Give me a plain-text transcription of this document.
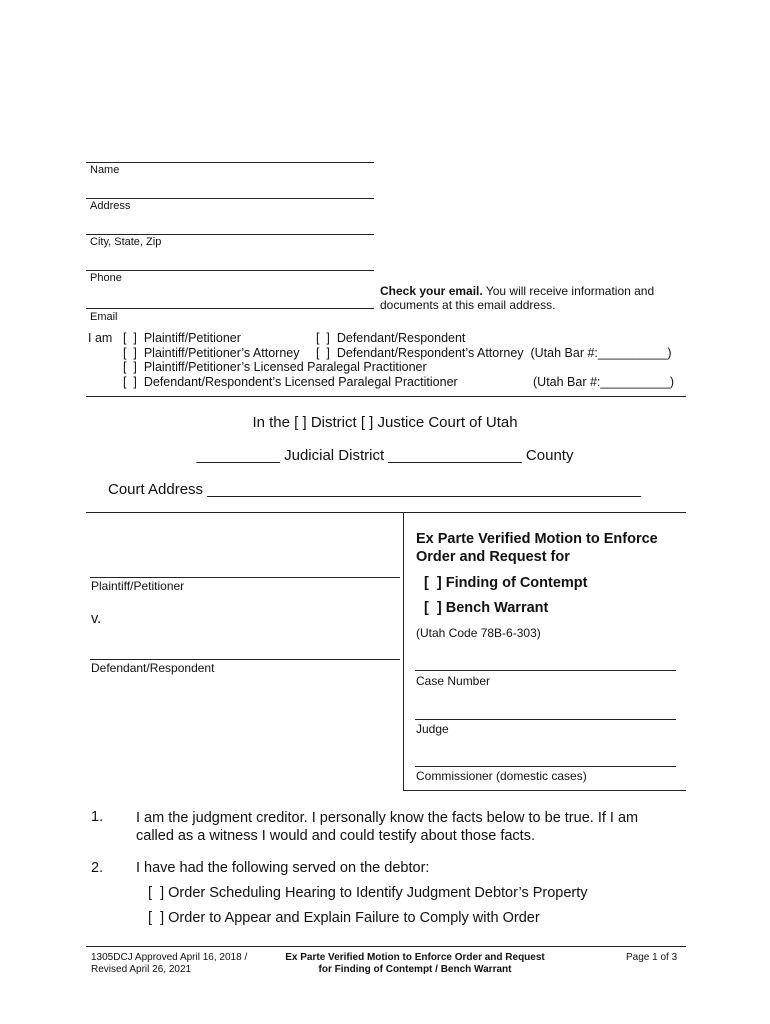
Name
Address
City, State, Zip
Phone
Check your email. You will receive information and
documents at this email address.
Email
I am [  ]  Plaintiff/Petitioner	[  ]  Defendant/Respondent
[  ]  Plaintiff/Petitioner’s Attorney [  ]  Defendant/Respondent’s Attorney  (Utah Bar #:__________)
[  ]  Plaintiff/Petitioner’s Licensed Paralegal Practitioner
[  ]  Defendant/Respondent’s Licensed Paralegal Practitioner	(Utah Bar #:__________)
In the [ ] District [ ] Justice Court of Utah
__________ Judicial District ________________ County
Court Address ____________________________________________________
Plaintiff/Petitioner
v.
Defendant/Respondent
Ex Parte Verified Motion to Enforce
Order and Request for
[  ] Finding of Contempt
[  ] Bench Warrant
(Utah Code 78B-6-303)
Case Number
Judge
Commissioner (domestic cases)
1. I am the judgment creditor. I personally know the facts below to be true. If I am
called as a witness I would and could testify about those facts.
2. I have had the following served on the debtor:
[  ] Order Scheduling Hearing to Identify Judgment Debtor’s Property
[  ] Order to Appear and Explain Failure to Comply with Order
1305DCJ Approved April 16, 2018 /
Revised April 26, 2021
Ex Parte Verified Motion to Enforce Order and Request
for Finding of Contempt / Bench Warrant
Page 1 of 3
